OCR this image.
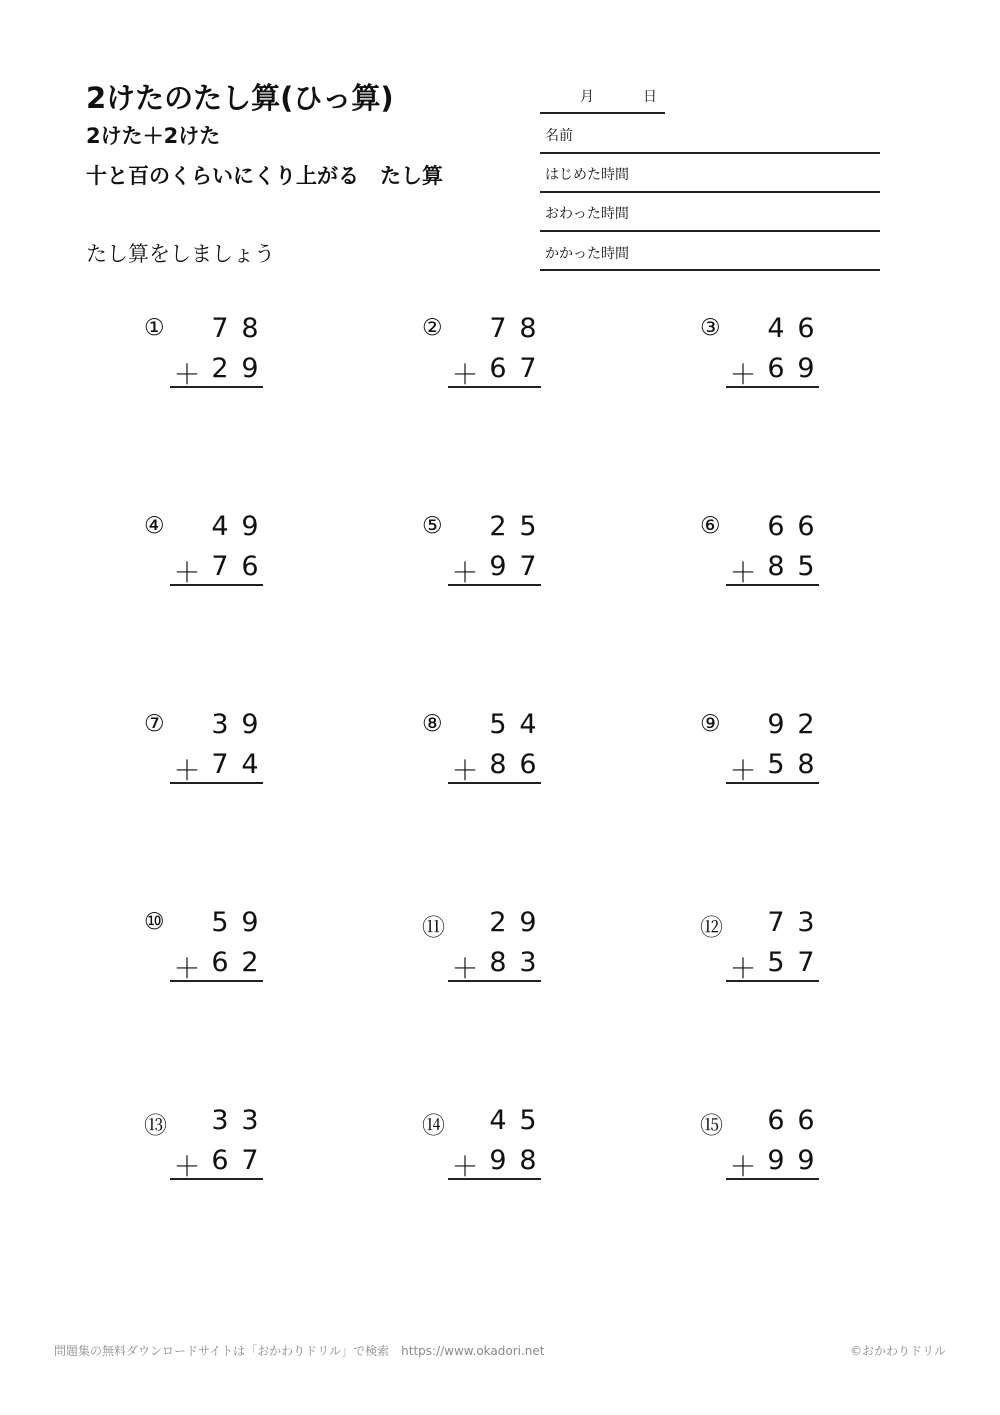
2けたのたし算(ひっ算)
2けた＋2けた
十と百のくらいにくり上がる　たし算
たし算をしましょう
月	日
名前
はじめた時間
おわった時間
かかった時間
① 7 8
＋ 2 9
② 7 8
＋ 6 7
③ 4 6
＋ 6 9
④ 4 9
＋ 7 6
⑤ 2 5
＋ 9 7
⑥ 6 6
＋ 8 5
⑦ 3 9
＋ 7 4
⑧ 5 4
＋ 8 6
⑨ 9 2
＋ 5 8
⑩ 5 9
＋ 6 2
⑪ 2 9
＋ 8 3
⑫ 7 3
＋ 5 7
⑬ 3 3
＋ 6 7
⑭ 4 5
＋ 9 8
⑮ 6 6
＋ 9 9
問題集の無料ダウンロードサイトは「おかわりドリル」で検索　https://www.okadori.net	©おかわりドリル
